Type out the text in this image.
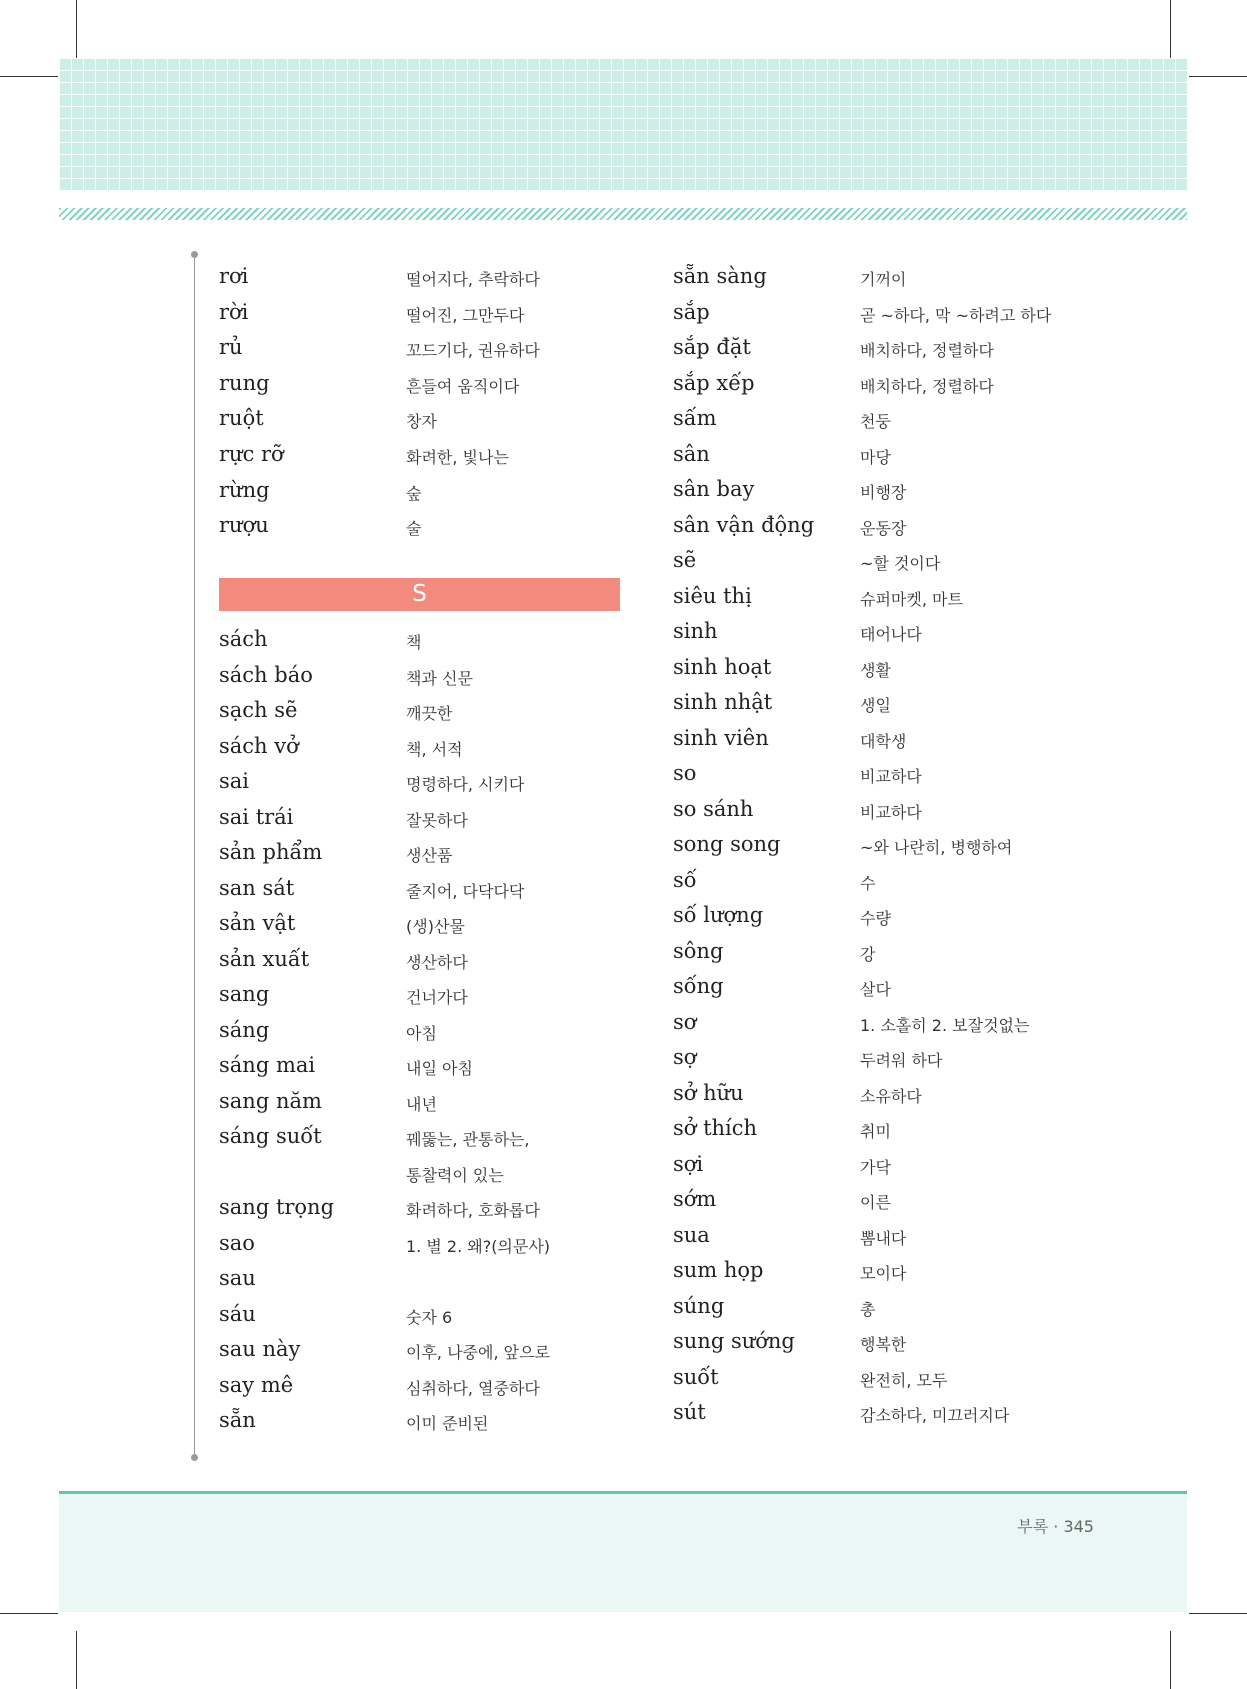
rơi	떨어지다, 추락하다
rời	떨어진, 그만두다
rủ	꼬드기다, 권유하다
rung	흔들여 움직이다
ruột	창자
rực rỡ	화려한, 빛나는
rừng	숲
rượu	술
S
sách	책
sách báo	책과 신문
sạch sẽ	깨끗한
sách vở	책, 서적
sai	명령하다, 시키다
sai trái	잘못하다
sản phẩm	생산품
san sát	줄지어, 다닥다닥
sản vật	(생)산물
sản xuất	생산하다
sang	건너가다
sáng	아침
sáng mai	내일 아침
sang năm	내년
sáng suốt	꿰뚫는, 관통하는,
통찰력이 있는
sang trọng	화려하다, 호화롭다
sao	1. 별 2. 왜?(의문사)
sau
sáu	숫자 6
sau này	이후, 나중에, 앞으로
say mê	심취하다, 열중하다
sẵn	이미 준비된
sẵn sàng	기꺼이
sắp	곧 ~하다, 막 ~하려고 하다
sắp đặt	배치하다, 정렬하다
sắp xếp	배치하다, 정렬하다
sấm	천둥
sân	마당
sân bay	비행장
sân vận động	운동장
sẽ	~할 것이다
siêu thị	슈퍼마켓, 마트
sinh	태어나다
sinh hoạt	생활
sinh nhật	생일
sinh viên	대학생
so	비교하다
so sánh	비교하다
song song	~와 나란히, 병행하여
số	수
số lượng	수량
sông	강
sống	살다
sơ	1. 소홀히 2. 보잘것없는
sợ	두려워 하다
sở hữu	소유하다
sở thích	취미
sợi	가닥
sớm	이른
sua	뽐내다
sum họp	모이다
súng	총
sung sướng	행복한
suốt	완전히, 모두
sút	감소하다, 미끄러지다
부록 · 345
